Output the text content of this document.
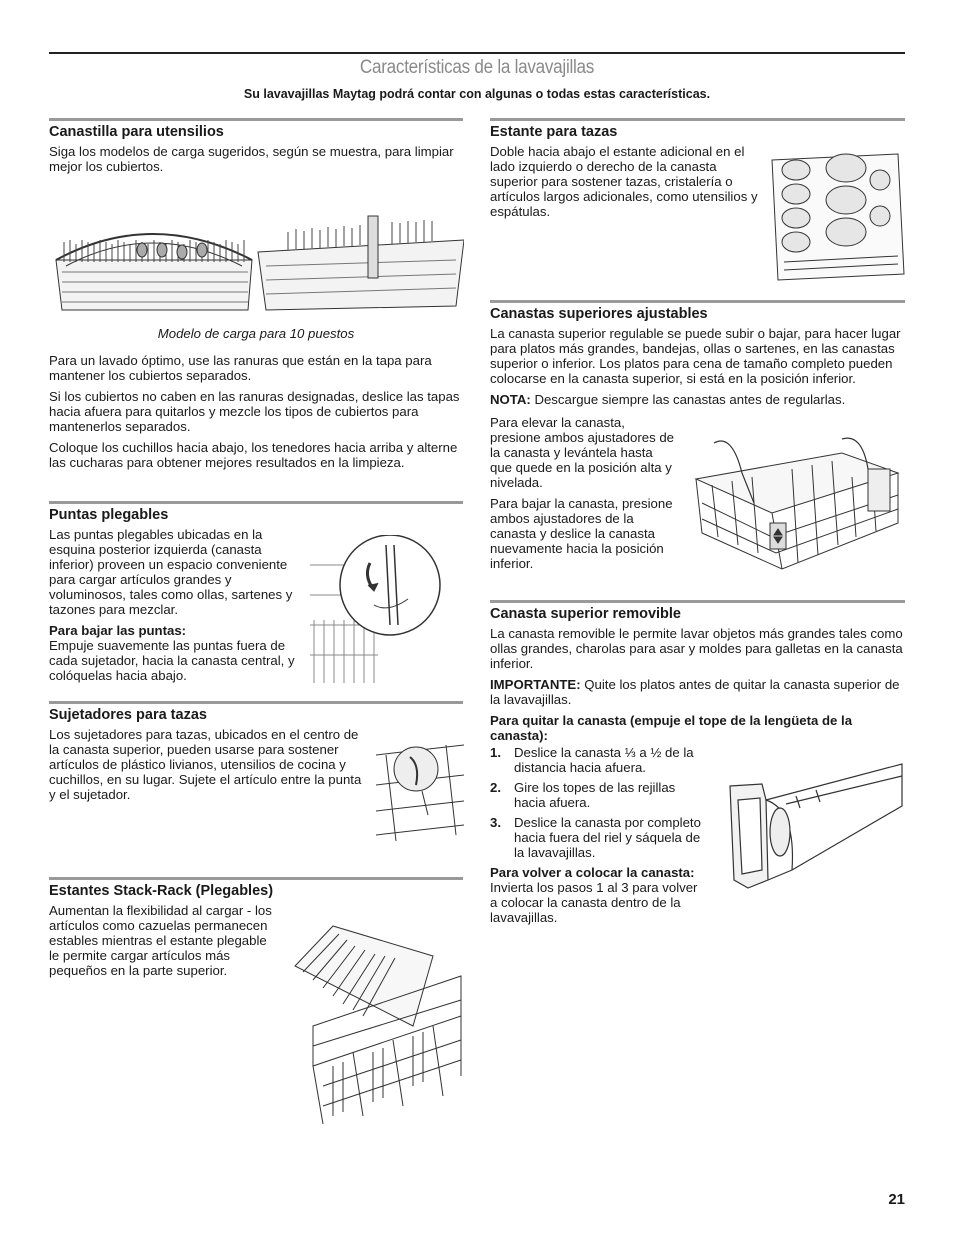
Características de la lavavajillas
Su lavavajillas Maytag podrá contar con algunas o todas estas características.
Canastilla para utensilios

Siga los modelos de carga sugeridos, según se muestra, para limpiar mejor los cubiertos.

Modelo de carga para 10 puestos

Para un lavado óptimo, use las ranuras que están en la tapa para mantener los cubiertos separados.

Si los cubiertos no caben en las ranuras designadas, deslice las tapas hacia afuera para quitarlos y mezcle los tipos de cubiertos para mantenerlos separados.

Coloque los cuchillos hacia abajo, los tenedores hacia arriba y alterne las cucharas para obtener mejores resultados en la limpieza.

Puntas plegables

Las puntas plegables ubicadas en la esquina posterior izquierda (canasta inferior) proveen un espacio conveniente para cargar artículos grandes y voluminosos, tales como ollas, sartenes y tazones para mezclar.

Para bajar las puntas:

Empuje suavemente las puntas fuera de cada sujetador, hacia la canasta central, y colóquelas hacia abajo.

Sujetadores para tazas

Los sujetadores para tazas, ubicados en el centro de la canasta superior, pueden usarse para sostener artículos de plástico livianos, utensilios de cocina y cuchillos, en su lugar. Sujete el artículo entre la punta y el sujetador.

Estantes Stack-Rack (Plegables)

Aumentan la flexibilidad al cargar - los artículos como cazuelas permanecen estables mientras el estante plegable le permite cargar artículos más pequeños en la parte superior.

Estante para tazas

Doble hacia abajo el estante adicional en el lado izquierdo o derecho de la canasta superior para sostener tazas, cristalería o artículos largos adicionales, como utensilios y espátulas.

Canastas superiores ajustables

La canasta superior regulable se puede subir o bajar, para hacer lugar para platos más grandes, bandejas, ollas o sartenes, en las canastas superior o inferior. Los platos para cena de tamaño completo pueden colocarse en la canasta superior, si está en la posición inferior.

NOTA: Descargue siempre las canastas antes de regularlas.

Para elevar la canasta, presione ambos ajustadores de la canasta y levántela hasta que quede en la posición alta y nivelada.

Para bajar la canasta, presione ambos ajustadores de la canasta y deslice la canasta nuevamente hacia la posición inferior.

Canasta superior removible

La canasta removible le permite lavar objetos más grandes tales como ollas grandes, charolas para asar y moldes para galletas en la canasta inferior.

IMPORTANTE: Quite los platos antes de quitar la canasta superior de la lavavajillas.

Para quitar la canasta (empuje el tope de la lengüeta de la canasta):

1. Deslice la canasta ⅓ a ½ de la distancia hacia afuera.
2. Gire los topes de las rejillas hacia afuera.
3. Deslice la canasta por completo hacia fuera del riel y sáquela de la lavavajillas.

Para volver a colocar la canasta:

Invierta los pasos 1 al 3 para volver a colocar la canasta dentro de la lavavajillas.

21
